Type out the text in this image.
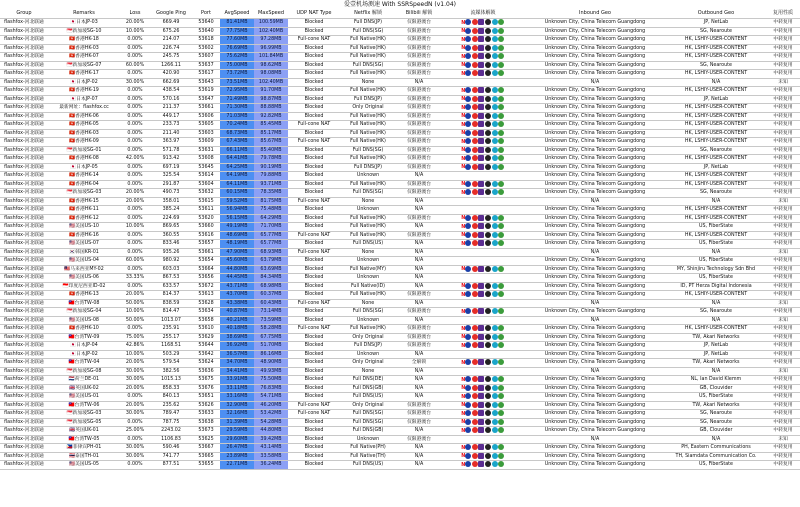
爱壹机场测速 With SSRSpeedN (v1.04)
Group	Remarks	Loss	Google Ping	Port	AvgSpeed	MaxSpeed	UDP NAT Type	Netflix 解锁	Bilibili 解锁	流媒体解锁	Inbound Geo	Outbound Geo	复用性质
flashfox-河北联通	🇯🇵日本JP-03	20.00%	669.49	53640	81.41MB	100.59MB	Blocked	Full DNS(JP)	仅限港澳台	N	Unknown City, China Telecom Guangdong	JP, NetLab	中转复用
flashfox-河北联通	🇸🇬新加坡SG-10	10.00%	675.26	53640	77.75MB	102.40MB	Blocked	Full DNS(SG)	仅限港澳台	N	Unknown City, China Telecom Guangdong	SG, Nearoute	中转复用
flashfox-河北联通	🇭🇰香港HK-18	0.00%	214.07	53618	77.60MB	97.28MB	Full-cone NAT	Full Native(HK)	仅限港澳台	N	Unknown City, China Telecom Guangdong	HK, LSHIY-USER-CONTENT	中转复用
flashfox-河北联通	🇭🇰香港HK-03	0.00%	226.74	53602	76.69MB	96.99MB	Blocked	Full Native(HK)	仅限港澳台	N	Unknown City, China Telecom Guangdong	HK, LSHIY-USER-CONTENT	中转复用
flashfox-河北联通	🇭🇰香港HK-07	0.00%	245.75	53607	75.62MB	101.84MB	Blocked	Full Native(HK)	仅限港澳台	N	Unknown City, China Telecom Guangdong	HK, LSHIY-USER-CONTENT	中转复用
flashfox-河北联通	🇸🇬新加坡SG-07	60.00%	1266.11	53637	75.00MB	98.62MB	Blocked	Full DNS(SG)	仅限港澳台	N	Unknown City, China Telecom Guangdong	SG, Nearoute	中转复用
flashfox-河北联通	🇭🇰香港HK-17	0.00%	420.90	53617	73.72MB	98.08MB	Blocked	Full Native(HK)	仅限港澳台	N	Unknown City, China Telecom Guangdong	HK, LSHIY-USER-CONTENT	中转复用
flashfox-河北联通	🇯🇵日本JP-02	30.00%	662.69	53643	73.51MB	102.40MB	Blocked	None	N/A		N/A	N/A	未知
flashfox-河北联通	🇭🇰香港HK-19	0.00%	438.54	53619	72.95MB	91.70MB	Blocked	Full Native(HK)	仅限港澳台	N	Unknown City, China Telecom Guangdong	HK, LSHIY-USER-CONTENT	中转复用
flashfox-河北联通	🇯🇵日本JP-07	0.00%	570.16	53647	71.49MB	98.87MB	Blocked	Full DNS(JP)	仅限港澳台	N	Unknown City, China Telecom Guangdong	JP, NetLab	中转复用
flashfox-河北联通	最新网址：flashfox.cc	0.00%	211.37	53661	71.30MB	88.88MB	Blocked	Only Original	仅限港澳台	N	Unknown City, China Telecom Guangdong	HK, LSHIY-USER-CONTENT	中转复用
flashfox-河北联通	🇭🇰香港HK-06	0.00%	449.17	53606	71.03MB	92.82MB	Blocked	Full Native(HK)	仅限港澳台	N	Unknown City, China Telecom Guangdong	HK, LSHIY-USER-CONTENT	中转复用
flashfox-河北联通	🇭🇰香港HK-05	0.00%	233.73	53605	70.24MB	85.45MB	Full-cone NAT	Full Native(HK)	仅限港澳台	N	Unknown City, China Telecom Guangdong	HK, LSHIY-USER-CONTENT	中转复用
flashfox-河北联通	🇭🇰香港HK-03	0.00%	211.40	53603	68.73MB	85.17MB	Blocked	Full Native(HK)	仅限港澳台	N	Unknown City, China Telecom Guangdong	HK, LSHIY-USER-CONTENT	中转复用
flashfox-河北联通	🇭🇰香港HK-09	0.00%	363.97	53609	67.43MB	85.67MB	Full-cone NAT	Full Native(HK)	仅限港澳台	N	Unknown City, China Telecom Guangdong	HK, LSHIY-USER-CONTENT	中转复用
flashfox-河北联通	🇸🇬新加坡SG-01	0.00%	571.78	53631	66.11MB	85.40MB	Blocked	Full DNS(SG)	仅限港澳台	N	Unknown City, China Telecom Guangdong	SG, Nearoute	中转复用
flashfox-河北联通	🇭🇰香港HK-08	42.00%	913.42	53608	64.41MB	79.78MB	Blocked	Full Native(HK)	仅限港澳台	N	Unknown City, China Telecom Guangdong	HK, LSHIY-USER-CONTENT	中转复用
flashfox-河北联通	🇯🇵日本JP-05	0.00%	697.19	53645	64.25MB	90.19MB	Blocked	Full DNS(JP)	仅限港澳台	N	Unknown City, China Telecom Guangdong	JP, NetLab	中转复用
flashfox-河北联通	🇭🇰香港HK-14	0.00%	325.54	53614	64.19MB	79.88MB	Blocked	Unknown	N/A		Unknown City, China Telecom Guangdong	HK, LSHIY-USER-CONTENT	中转复用
flashfox-河北联通	🇭🇰香港HK-04	0.00%	291.87	53604	64.11MB	93.71MB	Blocked	Full Native(HK)	仅限港澳台	N	Unknown City, China Telecom Guangdong	HK, LSHIY-USER-CONTENT	中转复用
flashfox-河北联通	🇸🇬新加坡SG-03	20.00%	490.73	53632	60.15MB	78.35MB	Blocked	Full DNS(SG)	仅限港澳台	N	Unknown City, China Telecom Guangdong	SG, Nearoute	中转复用
flashfox-河北联通	🇭🇰香港HK-15	20.00%	358.01	53615	59.52MB	81.75MB	Full-cone NAT	None	N/A		N/A	N/A	未知
flashfox-河北联通	🇭🇰香港HK-11	0.00%	385.24	53611	56.94MB	75.48MB	Blocked	Unknown	N/A		Unknown City, China Telecom Guangdong	HK, LSHIY-USER-CONTENT	中转复用
flashfox-河北联通	🇭🇰香港HK-12	0.00%	224.69	53620	56.15MB	64.29MB	Blocked	Full Native(HK)	仅限港澳台	N	Unknown City, China Telecom Guangdong	HK, LSHIY-USER-CONTENT	中转复用
flashfox-河北联通	🇺🇸美国US-10	10.00%	869.65	53660	49.19MB	71.70MB	Blocked	Full Native(HK)	N/A	N	Unknown City, China Telecom Guangdong	US, FiberState	中转复用
flashfox-河北联通	🇭🇰香港HK-16	0.00%	360.55	53616	48.69MB	65.77MB	Full-cone NAT	Full Native(HK)	仅限港澳台	N	Unknown City, China Telecom Guangdong	HK, LSHIY-USER-CONTENT	中转复用
flashfox-河北联通	🇺🇸美国US-07	0.00%	833.46	53657	48.19MB	65.77MB	Blocked	Full DNS(US)	N/A	N	Unknown City, China Telecom Guangdong	US, FiberState	中转复用
flashfox-河北联通	🇰🇷韩国KR-01	0.00%	935.26	53661	47.90MB	68.93MB	Full-cone NAT	None	N/A		N/A	N/A	未知
flashfox-河北联通	🇺🇸美国US-04	60.00%	980.92	53654	45.60MB	63.79MB	Blocked	Unknown	N/A		Unknown City, China Telecom Guangdong	US, FiberState	中转复用
flashfox-河北联通	🇲🇾马来西亚MY-02	0.00%	603.03	53664	44.80MB	63.69MB	Blocked	Full Native(MY)	N/A	N	Unknown City, China Telecom Guangdong	MY, Shinjiru Technology Sdn Bhd	中转复用
flashfox-河北联通	🇺🇸美国US-06	33.33%	867.53	53656	44.45MB	84.34MB	Blocked	Unknown	N/A		Unknown City, China Telecom Guangdong	US, FiberState	中转复用
flashfox-河北联通	🇮🇩印度尼西亚ID-02	0.00%	633.57	53672	43.71MB	68.98MB	Blocked	Full Native(ID)	N/A	N	Unknown City, China Telecom Guangdong	ID, PT Herza Digital Indonesia	中转复用
flashfox-河北联通	🇭🇰香港HK-13	20.00%	814.37	53613	43.70MB	60.37MB	Blocked	Full Native(HK)	仅限港澳台	N	Unknown City, China Telecom Guangdong	HK, LSHIY-USER-CONTENT	中转复用
flashfox-河北联通	🇹🇼台湾TW-08	50.00%	838.59	53628	43.38MB	60.43MB	Full-cone NAT	None	N/A		N/A	N/A	未知
flashfox-河北联通	🇸🇬新加坡SG-04	10.00%	814.47	53634	40.87MB	73.14MB	Blocked	Full DNS(SG)	仅限港澳台	N	Unknown City, China Telecom Guangdong	SG, Nearoute	中转复用
flashfox-河北联通	🇺🇸美国US-08	50.00%	1013.07	53658	40.21MB	73.59MB	Blocked	Unknown	N/A		N/A	N/A	未知
flashfox-河北联通	🇭🇰香港HK-10	0.00%	235.91	53610	40.18MB	58.28MB	Full-cone NAT	Full Native(HK)	仅限港澳台	N	Unknown City, China Telecom Guangdong	HK, LSHIY-USER-CONTENT	中转复用
flashfox-河北联通	🇹🇼台湾TW-09	75.00%	255.17	53629	38.69MB	67.75MB	Blocked	Only Original	仅限港澳台	N	Unknown City, China Telecom Guangdong	TW, Akari Networks	中转复用
flashfox-河北联通	🇯🇵日本JP-04	42.86%	1168.51	53644	36.92MB	51.70MB	Blocked	Full DNS(JP)	仅限港澳台	N	Unknown City, China Telecom Guangdong	JP, NetLab	中转复用
flashfox-河北联通	🇯🇵日本JP-02	10.00%	503.29	53642	36.57MB	86.16MB	Blocked	Unknown	N/A		Unknown City, China Telecom Guangdong	JP, NetLab	中转复用
flashfox-河北联通	🇹🇼台湾TW-04	20.00%	579.54	53624	34.70MB	48.90MB	Blocked	Only Original	全解锁	N	Unknown City, China Telecom Guangdong	TW, Akari Networks	中转复用
flashfox-河北联通	🇸🇬新加坡SG-08	30.00%	382.56	53636	34.41MB	49.93MB	Blocked	None	N/A		N/A	N/A	未知
flashfox-河北联通	🇳🇱荷兰DE-01	30.00%	1015.13	53675	33.91MB	75.50MB	Blocked	Full DNS(DE)	N/A	N	Unknown City, China Telecom Guangdong	NL, Ian David Klemm	中转复用
flashfox-河北联通	🇬🇧英国UK-02	20.00%	858.33	53676	33.11MB	76.83MB	Blocked	Full DNS(GB)	N/A	N	Unknown City, China Telecom Guangdong	GB, Clouvider	中转复用
flashfox-河北联通	🇺🇸美国US-01	0.00%	840.13	53651	33.16MB	54.71MB	Blocked	Full DNS(US)	N/A	N	Unknown City, China Telecom Guangdong	US, FiberState	中转复用
flashfox-河北联通	🇹🇼台湾TW-06	20.00%	235.62	53626	32.90MB	46.20MB	Full-cone NAT	Only Original	仅限港澳台	N	Unknown City, China Telecom Guangdong	TW, Akari Networks	中转复用
flashfox-河北联通	🇸🇬新加坡SG-03	30.00%	789.47	53633	32.16MB	53.42MB	Full-cone NAT	Full DNS(SG)	仅限港澳台	N	Unknown City, China Telecom Guangdong	SG, Nearoute	中转复用
flashfox-河北联通	🇸🇬新加坡SG-05	0.00%	787.75	53638	31.39MB	54.28MB	Blocked	Full DNS(SG)	仅限港澳台	N	Unknown City, China Telecom Guangdong	SG, Nearoute	中转复用
flashfox-河北联通	🇬🇧英国UK-01	25.00%	2243.02	53673	29.59MB	44.80MB	Blocked	Full DNS(GB)	N/A	N	Unknown City, China Telecom Guangdong	GB, Clouvider	中转复用
flashfox-河北联通	🇹🇼台湾TW-05	0.00%	1106.83	53625	29.60MB	39.42MB	Blocked	Unknown	仅限港澳台		N/A	N/A	未知
flashfox-河北联通	🇵🇭菲律宾PH-01	30.00%	590.46	53667	26.47MB	43.14MB	Blocked	Full Native(PH)	N/A	N	Unknown City, China Telecom Guangdong	PH, Eastern Communications	中转复用
flashfox-河北联通	🇹🇭泰国TH-01	30.00%	741.77	53665	23.89MB	33.58MB	Blocked	Full Native(TH)	N/A	N	Unknown City, China Telecom Guangdong	TH, Siamdata Communication Co.	中转复用
flashfox-河北联通	🇺🇸美国US-05	0.00%	877.51	53655	22.71MB	36.24MB	Blocked	Full DNS(US)	N/A	N	Unknown City, China Telecom Guangdong	US, FiberState	中转复用
